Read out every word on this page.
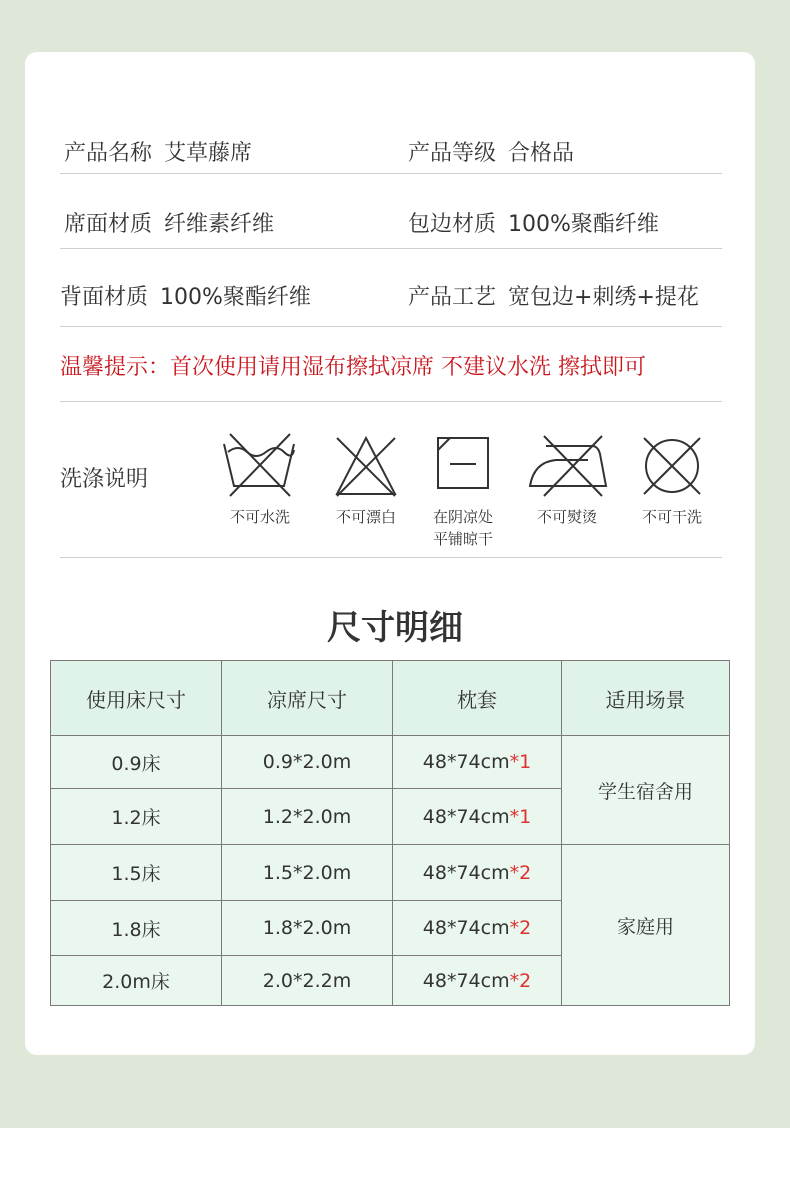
产品名称 艾草藤席	产品等级 合格品
席面材质 纤维素纤维	包边材质 100%聚酯纤维
背面材质 100%聚酯纤维	产品工艺 宽包边+刺绣+提花
温馨提示：首次使用请用湿布擦拭凉席 不建议水洗 擦拭即可
洗涤说明
不可水洗	不可漂白	在阴凉处
平铺晾干
不可熨烫	不可干洗
尺寸明细
使用床尺寸	凉席尺寸	枕套	适用场景
0.9床	0.9*2.0m	48*74cm*1	学生宿舍用
1.2床	1.2*2.0m	48*74cm*1	
1.5床	1.5*2.0m	48*74cm*2	家庭用
1.8床	1.8*2.0m	48*74cm*2	
2.0m床	2.0*2.2m	48*74cm*2	
